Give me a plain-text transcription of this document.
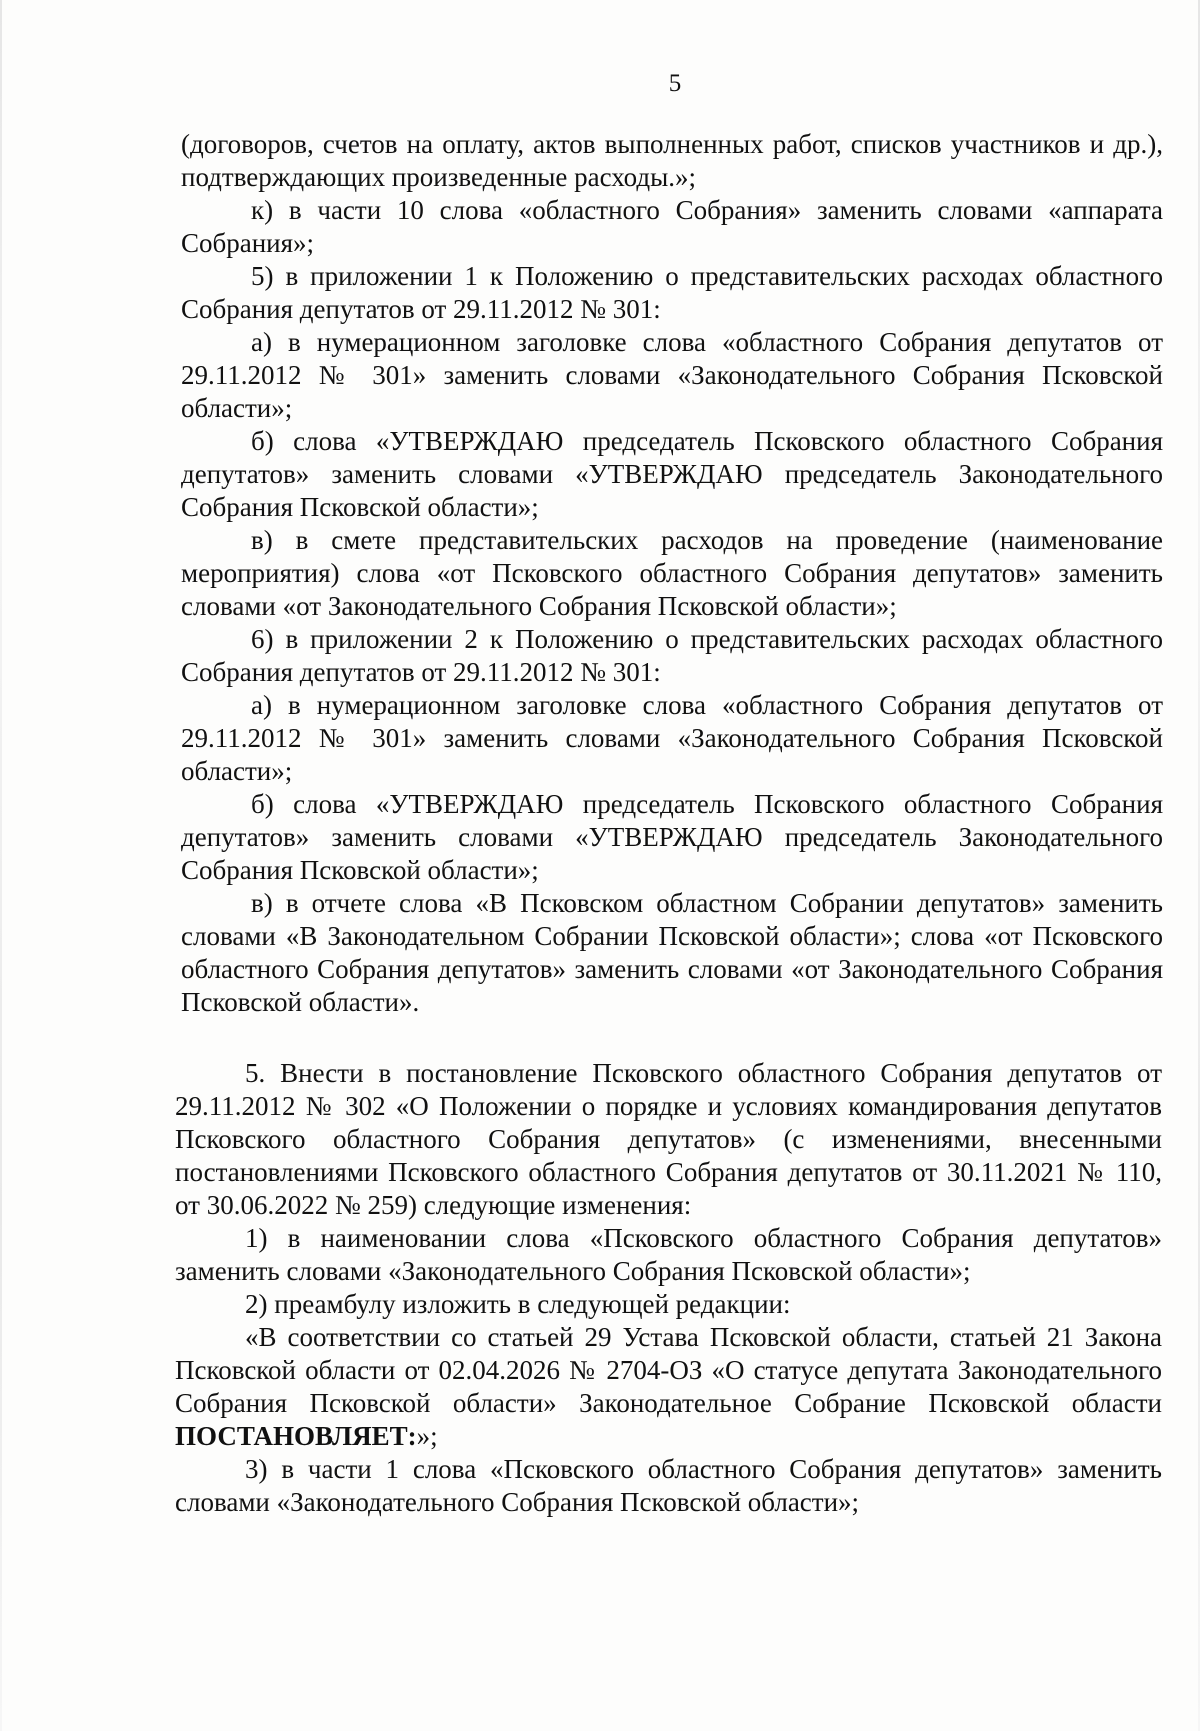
5

(договоров, счетов на оплату, актов выполненных работ, списков участников и др.), подтверждающих произведенные расходы.»;

к) в части 10 слова «областного Собрания» заменить словами «аппарата Собрания»;

5) в приложении 1 к Положению о представительских расходах областного Собрания депутатов от 29.11.2012 № 301:

а) в нумерационном заголовке слова «областного Собрания депутатов от 29.11.2012 № 301» заменить словами «Законодательного Собрания Псковской области»;

б) слова «УТВЕРЖДАЮ председатель Псковского областного Собрания депутатов» заменить словами «УТВЕРЖДАЮ председатель Законодательного Собрания Псковской области»;

в) в смете представительских расходов на проведение (наименование мероприятия) слова «от Псковского областного Собрания депутатов» заменить словами «от Законодательного Собрания Псковской области»;

6) в приложении 2 к Положению о представительских расходах областного Собрания депутатов от 29.11.2012 № 301:

а) в нумерационном заголовке слова «областного Собрания депутатов от 29.11.2012 № 301» заменить словами «Законодательного Собрания Псковской области»;

б) слова «УТВЕРЖДАЮ председатель Псковского областного Собрания депутатов» заменить словами «УТВЕРЖДАЮ председатель Законодательного Собрания Псковской области»;

в) в отчете слова «В Псковском областном Собрании депутатов» заменить словами «В Законодательном Собрании Псковской области»; слова «от Псковского областного Собрания депутатов» заменить словами «от Законодательного Собрания Псковской области».

5. Внести в постановление Псковского областного Собрания депутатов от 29.11.2012 № 302 «О Положении о порядке и условиях командирования депутатов Псковского областного Собрания депутатов» (с изменениями, внесенными постановлениями Псковского областного Собрания депутатов от 30.11.2021 № 110, от 30.06.2022 № 259) следующие изменения:

1) в наименовании слова «Псковского областного Собрания депутатов» заменить словами «Законодательного Собрания Псковской области»;

2) преамбулу изложить в следующей редакции:

«В соответствии со статьей 29 Устава Псковской области, статьей 21 Закона Псковской области от 02.04.2026 № 2704-ОЗ «О статусе депутата Законодательного Собрания Псковской области» Законодательное Собрание Псковской области ПОСТАНОВЛЯЕТ:»;

3) в части 1 слова «Псковского областного Собрания депутатов» заменить словами «Законодательного Собрания Псковской области»;
